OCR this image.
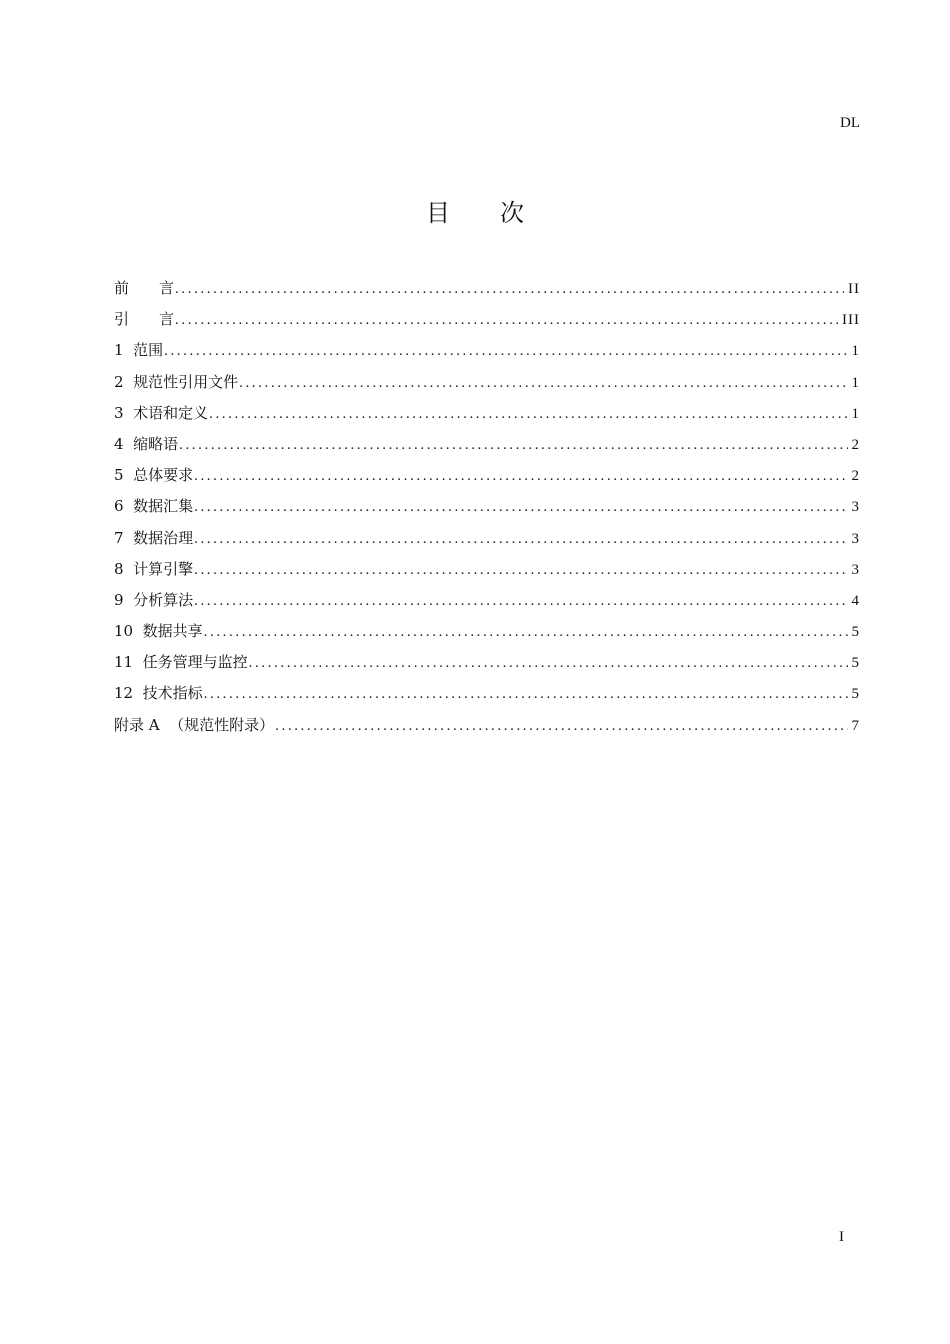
DL
目 次
前　　言 .....	II
引　　言 .....	III
1  范围 .....	1
2  规范性引用文件 .....	1
3  术语和定义 .....	1
4  缩略语 .....	2
5  总体要求 .....	2
6  数据汇集 .....	3
7  数据治理 .....	3
8  计算引擎 .....	3
9  分析算法 .....	4
10  数据共享 .....	5
11  任务管理与监控 .....	5
12  技术指标 .....	5
附录 A  （规范性附录） .....	7
I
